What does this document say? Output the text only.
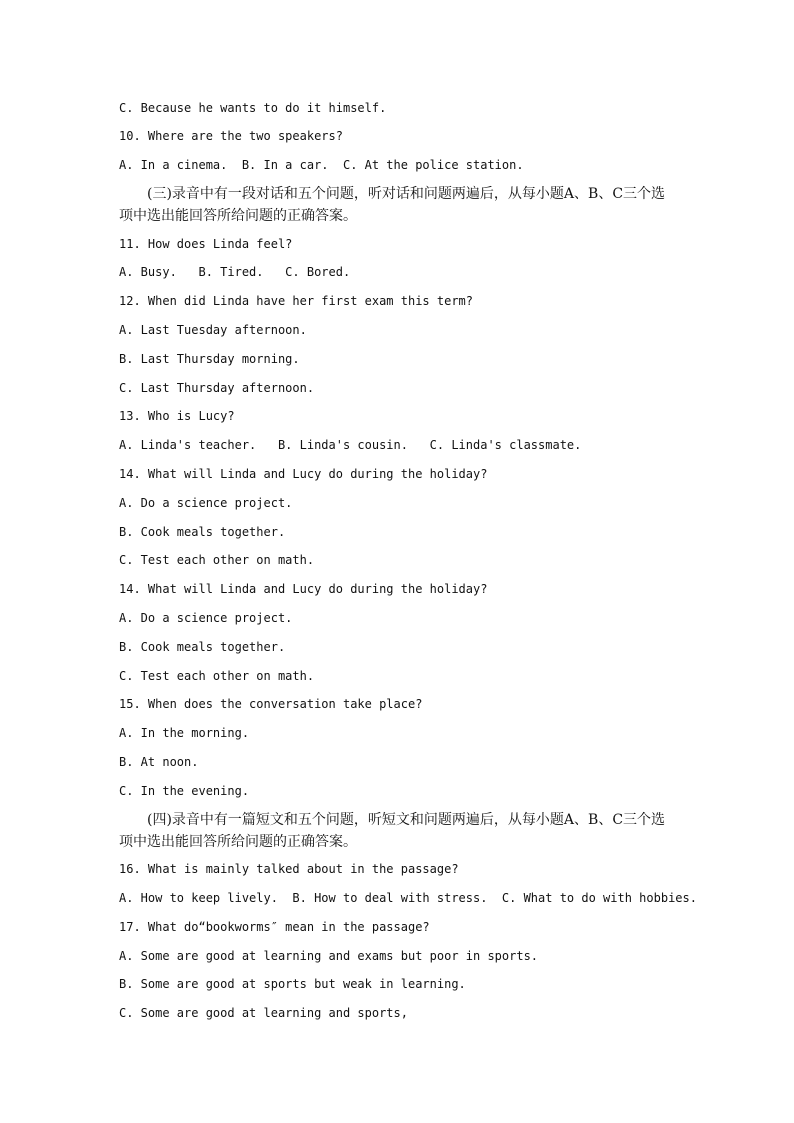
C. Because he wants to do it himself.
10. Where are the two speakers?
A. In a cinema.  B. In a car.  C. At the police station.
(三)录音中有一段对话和五个问题，听对话和问题两遍后，从每小题A、B、C三个选项中选出能回答所给问题的正确答案。
11. How does Linda feel?
A. Busy.   B. Tired.   C. Bored.
12. When did Linda have her first exam this term?
A. Last Tuesday afternoon.
B. Last Thursday morning.
C. Last Thursday afternoon.
13. Who is Lucy?
A. Linda's teacher.   B. Linda's cousin.   C. Linda's classmate.
14. What will Linda and Lucy do during the holiday?
A. Do a science project.
B. Cook meals together.
C. Test each other on math.
14. What will Linda and Lucy do during the holiday?
A. Do a science project.
B. Cook meals together.
C. Test each other on math.
15. When does the conversation take place?
A. In the morning.
B. At noon.
C. In the evening.
(四)录音中有一篇短文和五个问题，听短文和问题两遍后，从每小题A、B、C三个选项中选出能回答所给问题的正确答案。
16. What is mainly talked about in the passage?
A. How to keep lively.  B. How to deal with stress.  C. What to do with hobbies.
17. What do“bookworms″ mean in the passage?
A. Some are good at learning and exams but poor in sports.
B. Some are good at sports but weak in learning.
C. Some are good at learning and sports,
